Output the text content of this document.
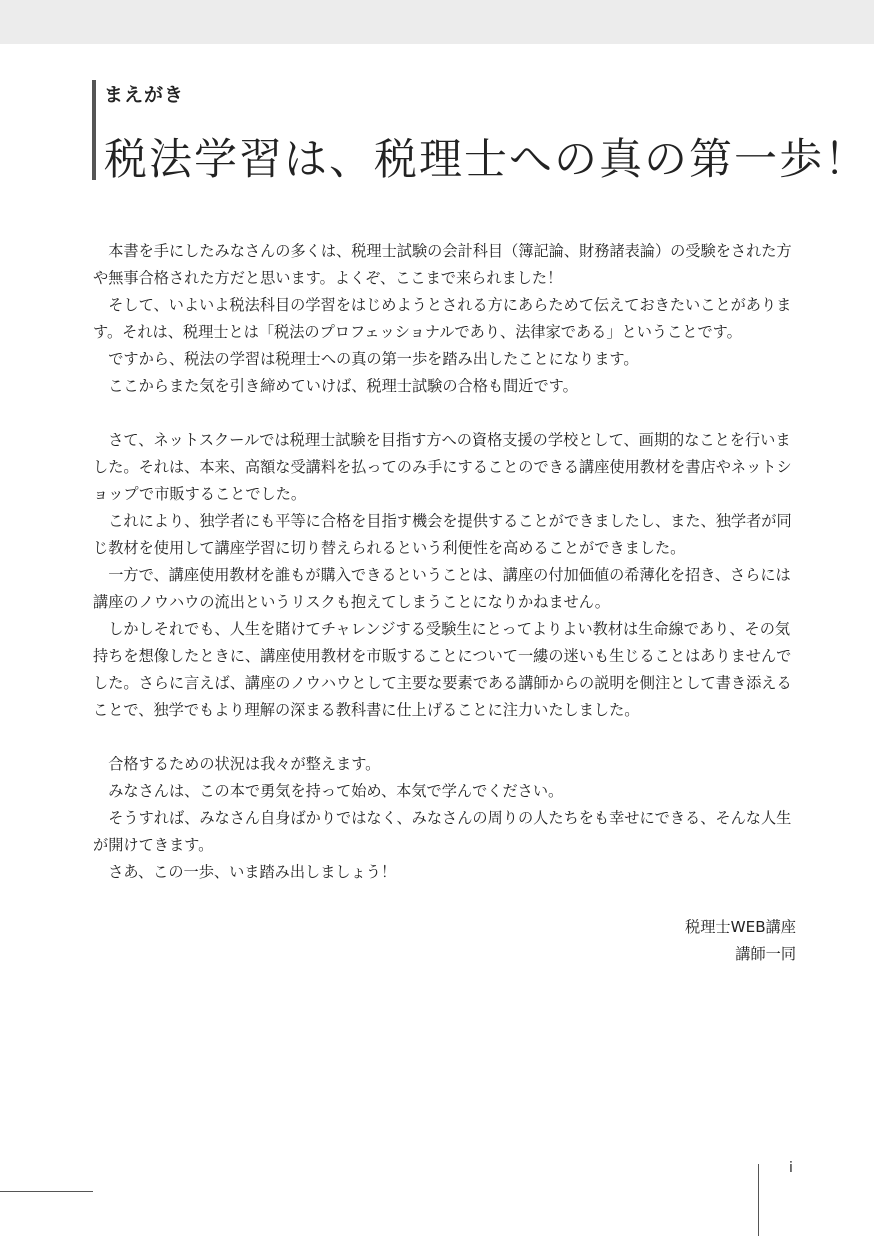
まえがき
税法学習は、税理士への真の第一歩！

本書を手にしたみなさんの多くは、税理士試験の会計科目（簿記論、財務諸表論）の受験をされた方や無事合格された方だと思います。よくぞ、ここまで来られました！

そして、いよいよ税法科目の学習をはじめようとされる方にあらためて伝えておきたいことがあります。それは、税理士とは「税法のプロフェッショナルであり、法律家である」ということです。

ですから、税法の学習は税理士への真の第一歩を踏み出したことになります。

ここからまた気を引き締めていけば、税理士試験の合格も間近です。

さて、ネットスクールでは税理士試験を目指す方への資格支援の学校として、画期的なことを行いました。それは、本来、高額な受講料を払ってのみ手にすることのできる講座使用教材を書店やネットショップで市販することでした。

これにより、独学者にも平等に合格を目指す機会を提供することができましたし、また、独学者が同じ教材を使用して講座学習に切り替えられるという利便性を高めることができました。

一方で、講座使用教材を誰もが購入できるということは、講座の付加価値の希薄化を招き、さらには講座のノウハウの流出というリスクも抱えてしまうことになりかねません。

しかしそれでも、人生を賭けてチャレンジする受験生にとってよりよい教材は生命線であり、その気持ちを想像したときに、講座使用教材を市販することについて一縷の迷いも生じることはありませんでした。さらに言えば、講座のノウハウとして主要な要素である講師からの説明を側注として書き添えることで、独学でもより理解の深まる教科書に仕上げることに注力いたしました。

合格するための状況は我々が整えます。

みなさんは、この本で勇気を持って始め、本気で学んでください。

そうすれば、みなさん自身ばかりではなく、みなさんの周りの人たちをも幸せにできる、そんな人生が開けてきます。

さあ、この一歩、いま踏み出しましょう！

税理士WEB講座
講師一同
i
